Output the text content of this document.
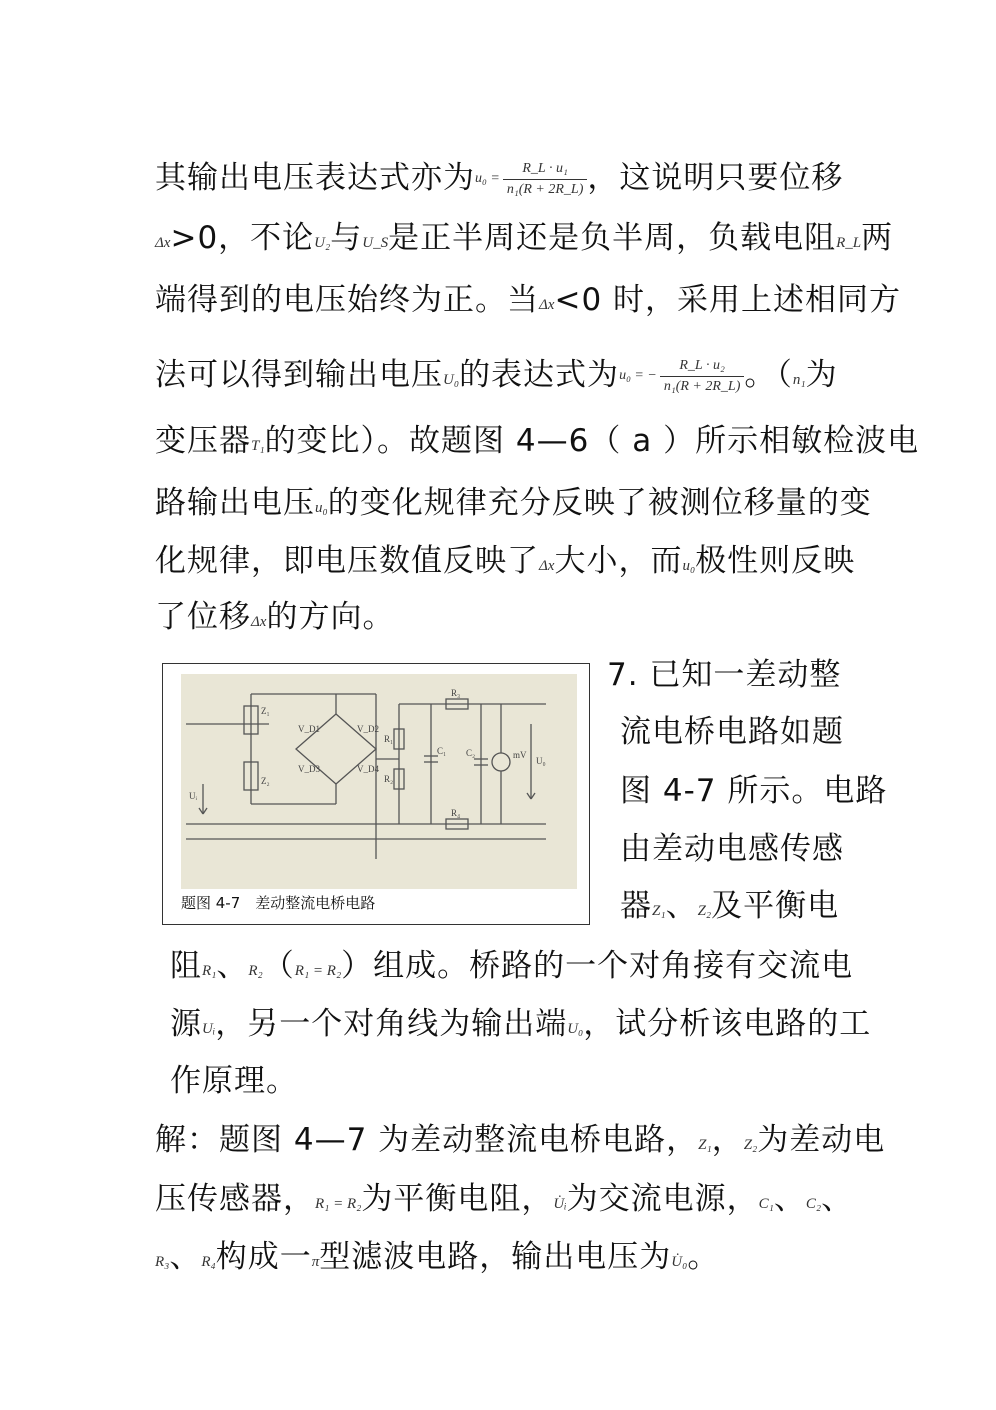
其输出电压表达式亦为$u_0 = \frac{\text{R\_L · u₁}}{\text{n₁(R + 2R\_L)}}$ ，这说明只要位移
Δx>0，不论U₂与U_S是正半周还是负半周，负载电阻R_L两
端得到的电压始终为正。当Δx<0 时，采用上述相同方
法可以得到输出电压U₀的表达式为u₀ = − $\frac{\text{R\_L · u₂}}{\text{n₁(R + 2R\_L)}}$ 。（n₁为
变压器T₁的变比）。故题图 4—6（ a ）所示相敏检波电
路输出电压u₀的变化规律充分反映了被测位移量的变
化规律，即电压数值反映了Δx大小，而u₀极性则反映
了位移Δx的方向。
Z₁
Z₂
V_D1	V_D2
V_D3	V_D4
R₁
R₂
R₃
R₄
C₁ C₂	mV
Uᵢ
U₀
题图 4-7　差动整流电桥电路
7. 已知一差动整
流电桥电路如题
图 4-7 所示。电路
由差动电感传感
器Z₁、Z₂及平衡电
阻R₁、R₂（R₁ = R₂）组成。桥路的一个对角接有交流电
源Uᵢ，另一个对角线为输出端U₀，试分析该电路的工
作原理。
解：题图 4—7 为差动整流电桥电路，Z₁，Z₂为差动电
压传感器，R₁ = R₂为平衡电阻，U̇ᵢ为交流电源，C₁、C₂、
R₃、R₄构成一π型滤波电路，输出电压为U̇₀。
